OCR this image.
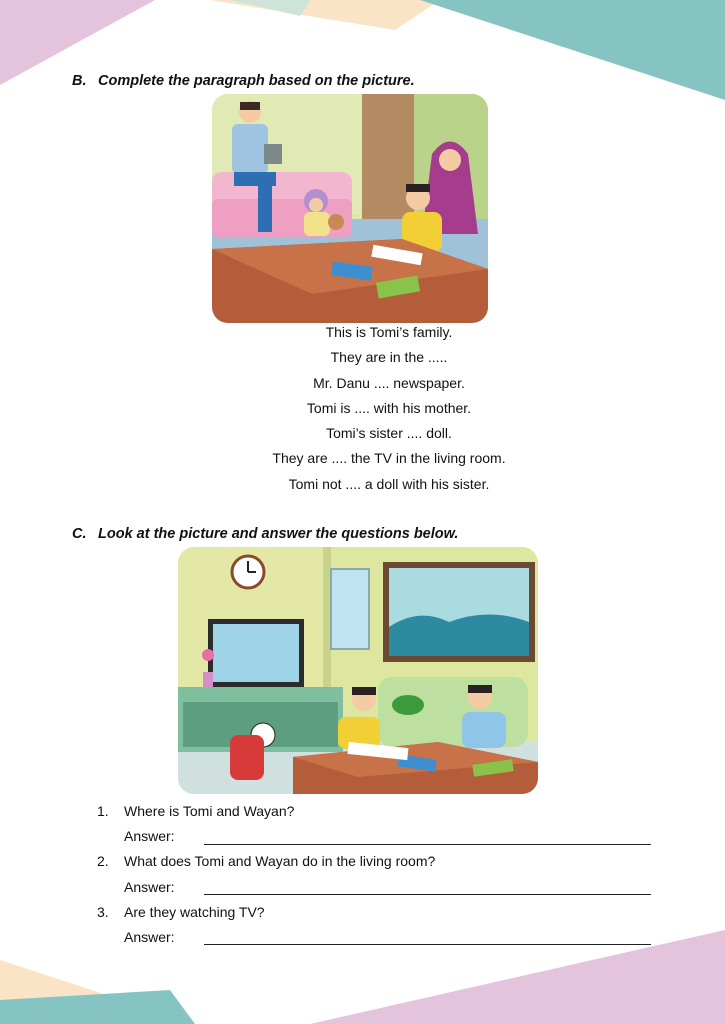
B. Complete the paragraph based on the picture.
This is Tomi’s family.
They are in the .....
Mr. Danu .... newspaper.
Tomi is .... with his mother.
Tomi’s sister .... doll.
They are .... the TV in the living room.
Tomi not .... a doll with his sister.
C. Look at the picture and answer the questions below.
1. Where is Tomi and Wayan?
Answer:
2. What does Tomi and Wayan do in the living room?
Answer:
3. Are they watching TV?
Answer:
